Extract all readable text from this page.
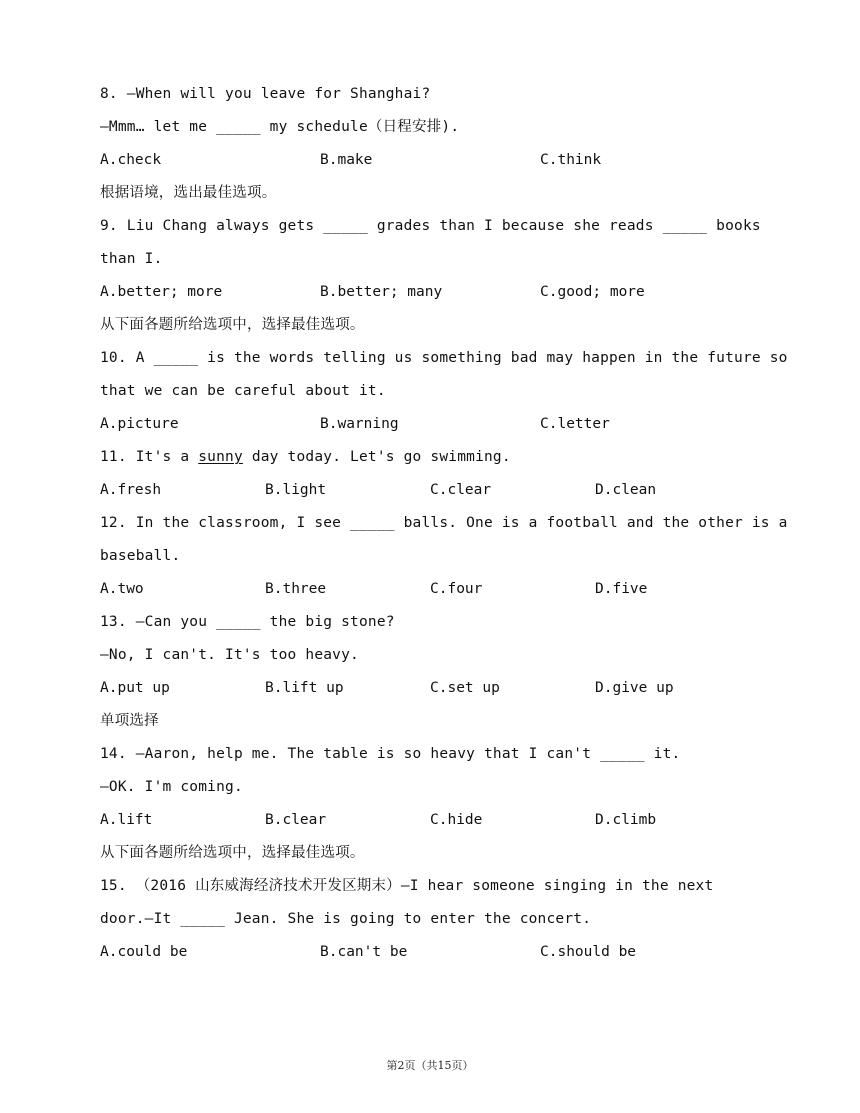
8. —When will you leave for Shanghai?
—Mmm… let me _____ my schedule（日程安排).
A.check	B.make	C.think
根据语境，选出最佳选项。
9. Liu Chang always gets _____ grades than I because she reads _____ books
than I.
A.better; more	B.better; many	C.good; more
从下面各题所给选项中，选择最佳选项。
10. A _____ is the words telling us something bad may happen in the future so
that we can be careful about it.
A.picture	B.warning	C.letter
11. It's a sunny day today. Let's go swimming.
A.fresh	B.light	C.clear	D.clean
12. In the classroom, I see _____ balls. One is a football and the other is a
baseball.
A.two	B.three	C.four	D.five
13. —Can you _____ the big stone?
—No, I can't. It's too heavy.
A.put up	B.lift up	C.set up	D.give up
单项选择
14. —Aaron, help me. The table is so heavy that I can't _____ it.
—OK. I'm coming.
A.lift	B.clear	C.hide	D.climb
从下面各题所给选项中，选择最佳选项。
15. （2016 山东威海经济技术开发区期末）—I hear someone singing in the next
door.—It _____ Jean. She is going to enter the concert.
A.could be	B.can't be	C.should be
第2页（共15页）
